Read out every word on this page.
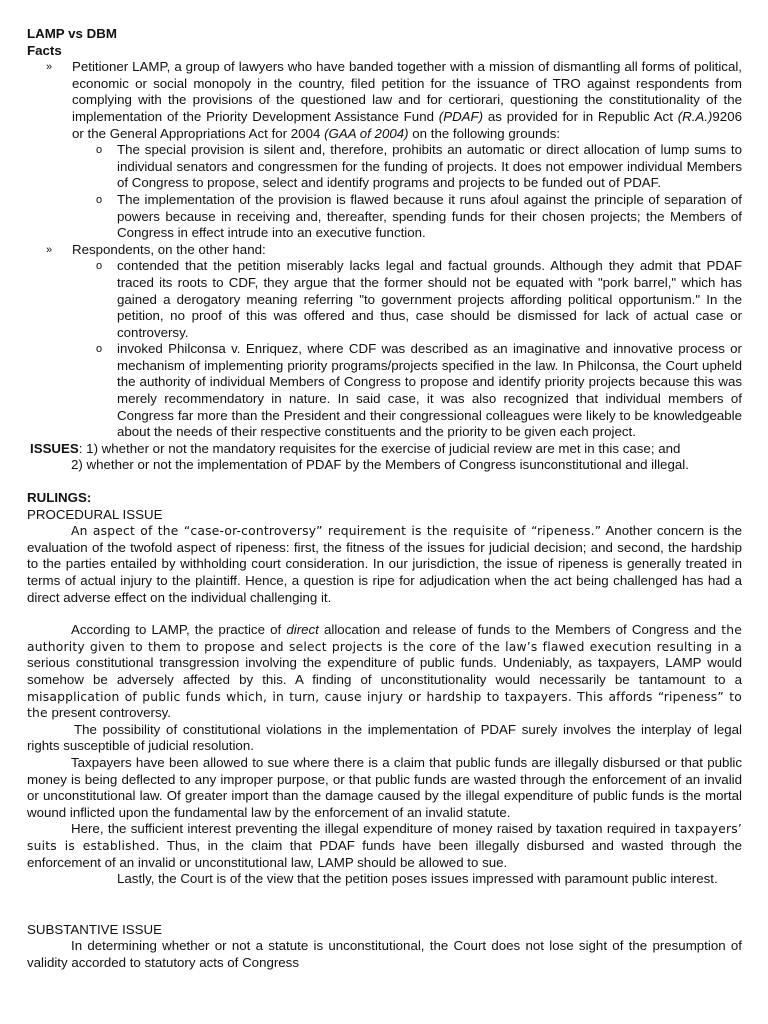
LAMP vs DBM
Facts
» Petitioner LAMP, a group of lawyers who have banded together with a mission of dismantling all forms of political, economic or social monopoly in the country, filed petition for the issuance of TRO against respondents from complying with the provisions of the questioned law and for certiorari, questioning the constitutionality of the implementation of the Priority Development Assistance Fund (PDAF) as provided for in Republic Act (R.A.)9206 or the General Appropriations Act for 2004 (GAA of 2004) on the following grounds:
o The special provision is silent and, therefore, prohibits an automatic or direct allocation of lump sums to individual senators and congressmen for the funding of projects. It does not empower individual Members of Congress to propose, select and identify programs and projects to be funded out of PDAF.
o The implementation of the provision is flawed because it runs afoul against the principle of separation of powers because in receiving and, thereafter, spending funds for their chosen projects; the Members of Congress in effect intrude into an executive function.
» Respondents, on the other hand:
o contended that the petition miserably lacks legal and factual grounds. Although they admit that PDAF traced its roots to CDF, they argue that the former should not be equated with "pork barrel," which has gained a derogatory meaning referring "to government projects affording political opportunism." In the petition, no proof of this was offered and thus, case should be dismissed for lack of actual case or controversy.
o invoked Philconsa v. Enriquez, where CDF was described as an imaginative and innovative process or mechanism of implementing priority programs/projects specified in the law. In Philconsa, the Court upheld the authority of individual Members of Congress to propose and identify priority projects because this was merely recommendatory in nature. In said case, it was also recognized that individual members of Congress far more than the President and their congressional colleagues were likely to be knowledgeable about the needs of their respective constituents and the priority to be given each project.
ISSUES: 1) whether or not the mandatory requisites for the exercise of judicial review are met in this case; and
2) whether or not the implementation of PDAF by the Members of Congress isunconstitutional and illegal.
RULINGS:
PROCEDURAL ISSUE
An aspect of the “case-or-controversy” requirement is the requisite of “ripeness.” Another concern is the evaluation of the twofold aspect of ripeness: first, the fitness of the issues for judicial decision; and second, the hardship to the parties entailed by withholding court consideration. In our jurisdiction, the issue of ripeness is generally treated in terms of actual injury to the plaintiff. Hence, a question is ripe for adjudication when the act being challenged has had a direct adverse effect on the individual challenging it.
According to LAMP, the practice of direct allocation and release of funds to the Members of Congress and the authority given to them to propose and select projects is the core of the law’s flawed execution resulting in a serious constitutional transgression involving the expenditure of public funds. Undeniably, as taxpayers, LAMP would somehow be adversely affected by this. A finding of unconstitutionality would necessarily be tantamount to a misapplication of public funds which, in turn, cause injury or hardship to taxpayers. This affords “ripeness” to the present controversy.
The possibility of constitutional violations in the implementation of PDAF surely involves the interplay of legal rights susceptible of judicial resolution.
Taxpayers have been allowed to sue where there is a claim that public funds are illegally disbursed or that public money is being deflected to any improper purpose, or that public funds are wasted through the enforcement of an invalid or unconstitutional law. Of greater import than the damage caused by the illegal expenditure of public funds is the mortal wound inflicted upon the fundamental law by the enforcement of an invalid statute.
Here, the sufficient interest preventing the illegal expenditure of money raised by taxation required in taxpayers’ suits is established. Thus, in the claim that PDAF funds have been illegally disbursed and wasted through the enforcement of an invalid or unconstitutional law, LAMP should be allowed to sue.
Lastly, the Court is of the view that the petition poses issues impressed with paramount public interest.
SUBSTANTIVE ISSUE
In determining whether or not a statute is unconstitutional, the Court does not lose sight of the presumption of validity accorded to statutory acts of Congress
